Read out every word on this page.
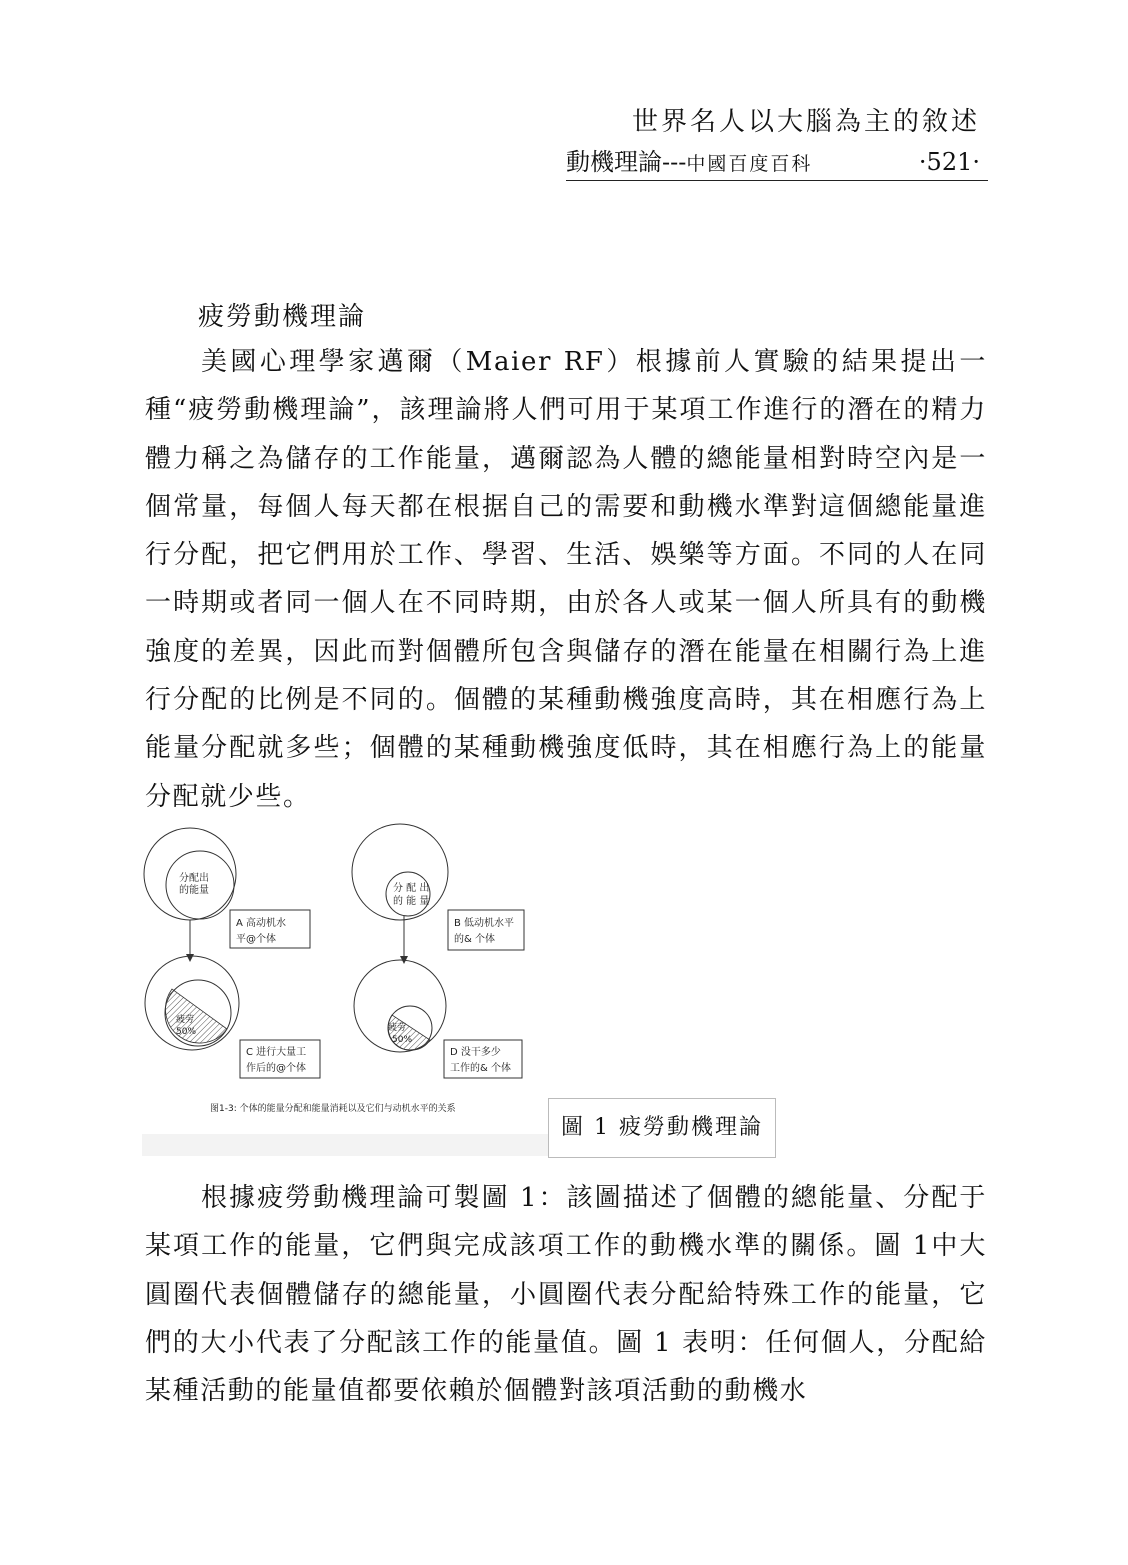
世界名人以大腦為主的敘述
動機理論---中國百度百科	·521·
疲勞動機理論

美國心理學家邁爾（Maier RF）根據前人實驗的結果提出一種“疲勞動機理論”，該理論將人們可用于某項工作進行的潛在的精力體力稱之為儲存的工作能量，邁爾認為人體的總能量相對時空內是一個常量，每個人每天都在根据自己的需要和動機水準對這個總能量進行分配，把它們用於工作、學習、生活、娛樂等方面。不同的人在同一時期或者同一個人在不同時期，由於各人或某一個人所具有的動機強度的差異，因此而對個體所包含與儲存的潛在能量在相關行為上進行分配的比例是不同的。個體的某種動機強度高時，其在相應行為上能量分配就多些；個體的某種動機強度低時，其在相應行為上的能量分配就少些。

分配出
的能量
A 高动机水
平@个体
疲劳
50%
C 进行大量工
作后的@个体
分 配 出
的 能 量
B 低动机水平
的& 个体
疲劳
50%
D 没干多少
工作的& 个体
图1-3: 个体的能量分配和能量消耗以及它们与动机水平的关系
圖 1 疲勞動機理論

根據疲勞動機理論可製圖 1：該圖描述了個體的總能量、分配于某項工作的能量，它們與完成該項工作的動機水準的關係。圖 1中大圓圈代表個體儲存的總能量，小圓圈代表分配給特殊工作的能量，它們的大小代表了分配該工作的能量值。圖 1 表明：任何個人，分配給某種活動的能量值都要依賴於個體對該項活動的動機水
